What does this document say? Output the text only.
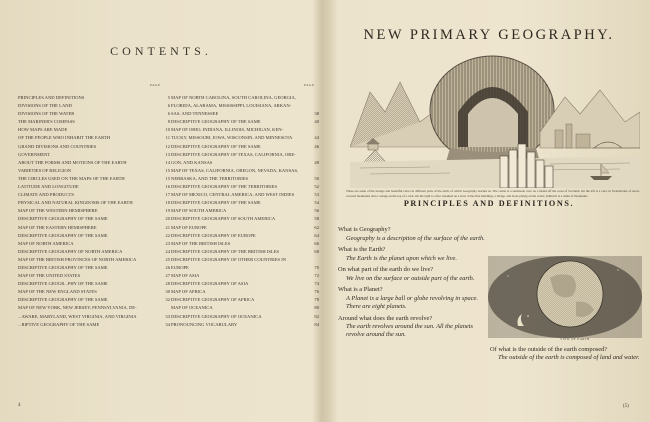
CONTENTS.
PAGE	PAGE
PRINCIPLES AND DEFINITIONS	5
DIVISIONS OF THE LAND	6
DIVISIONS OF THE WATER	6
THE MARINER'S COMPASS	8
HOW MAPS ARE MADE	10
OF THE PEOPLE WHO INHABIT THE EARTH	11
GRAND DIVISIONS AND COUNTRIES	12
GOVERNMENT	13
ABOUT THE FORMS AND MOTIONS OF THE EARTH	14
VARIETIES OF RELIGION	15
THE CIRCLES USED ON THE MAPS OF THE EARTH	15
LATITUDE AND LONGITUDE	16
CLIMATE AND PRODUCTS	17
PHYSICAL AND NATURAL KINGDOMS OF THE EARTH	18
MAP OF THE WESTERN HEMISPHERE	19
DESCRIPTIVE GEOGRAPHY OF THE SAME	20
MAP OF THE EASTERN HEMISPHERE	21
DESCRIPTIVE GEOGRAPHY OF THE SAME	22
MAP OF NORTH AMERICA	23
DESCRIPTIVE GEOGRAPHY OF NORTH AMERICA	24
MAP OF THE BRITISH PROVINCES OF NORTH AMERICA	25
DESCRIPTIVE GEOGRAPHY OF THE SAME	26
MAP OF THE UNITED STATES	27
DESCRIPTIVE GEOGR...PHY OF THE SAME	28
MAP OF THE NEW ENGLAND STATES	30
DESCRIPTIVE GEOGRAPHY OF THE SAME	32
MAP OF NEW YORK, NEW JERSEY, PENNSYLVANIA, DE-
...AWARE, MARYLAND, WEST VIRGINIA, AND VIRGINIA	33
...RIPTIVE GEOGRAPHY OF THE SAME	34
MAP OF NORTH CAROLINA, SOUTH CAROLINA, GEORGIA,
FLORIDA, ALABAMA, MISSISSIPPI, LOUISIANA, ARKAN-
SAS, AND TENNESSEE	38
DESCRIPTIVE GEOGRAPHY OF THE SAME	40
MAP OF OHIO, INDIANA, ILLINOIS, MICHIGAN, KEN-
TUCKY, MISSOURI, IOWA, WISCONSIN, AND MINNESOTA	44
DESCRIPTIVE GEOGRAPHY OF THE SAME	46
DESCRIPTIVE GEOGRAPHY OF TEXAS, CALIFORNIA, ORE-
GON, AND KANSAS	48
MAP OF TEXAS, CALIFORNIA, OREGON, NEVADA, KANSAS,
NEBRASKA, AND THE TERRITORIES	50
DESCRIPTIVE GEOGRAPHY OF THE TERRITORIES	52
MAP OF MEXICO, CENTRAL AMERICA, AND WEST INDIES	53
DESCRIPTIVE GEOGRAPHY OF THE SAME	54
MAP OF SOUTH AMERICA	56
DESCRIPTIVE GEOGRAPHY OF SOUTH AMERICA	58
MAP OF EUROPE	62
DESCRIPTIVE GEOGRAPHY OF EUROPE	64
MAP OF THE BRITISH ISLES	66
DESCRIPTIVE GEOGRAPHY OF THE BRITISH ISLES	68
DESCRIPTIVE GEOGRAPHY OF OTHER COUNTRIES IN
EUROPE	70
MAP OF ASIA	72
DESCRIPTIVE GEOGRAPHY OF ASIA	74
MAP OF AFRICA	76
DESCRIPTIVE GEOGRAPHY OF AFRICA	78
MAP OF OCEANICA	80
DESCRIPTIVE GEOGRAPHY OF OCEANICA	82
PRONOUNCING VOCABULARY	84
4
NEW PRIMARY GEOGRAPHY.
These are some of the strange and beautiful views in different parts of the earth, of which Geography teaches us. The center is a sandstone cave on a island off the coast of Scotland. On the left is a view in Switzerland, of snow-covered mountains and a cottage on the top of a rock. On the right is a fire streamed on a river. It has fine buildings, a bridge, and boats plying on the water; behind it is a chain of mountains.
PRINCIPLES AND DEFINITIONS.
What is Geography?
Geography is a description of the surface of the earth.
What is the Earth?
The Earth is the planet upon which we live.
On what part of the earth do we live?
We live on the surface or outside part of the earth.
What is a Planet?
A Planet is a large ball or globe revolving in space. There are eight planets.
Around what does the earth revolve?
The earth revolves around the sun. All the planets revolve around the sun.
VIEW OF EARTH
Of what is the outside of the earth composed?
The outside of the earth is composed of land and water.
(5)
